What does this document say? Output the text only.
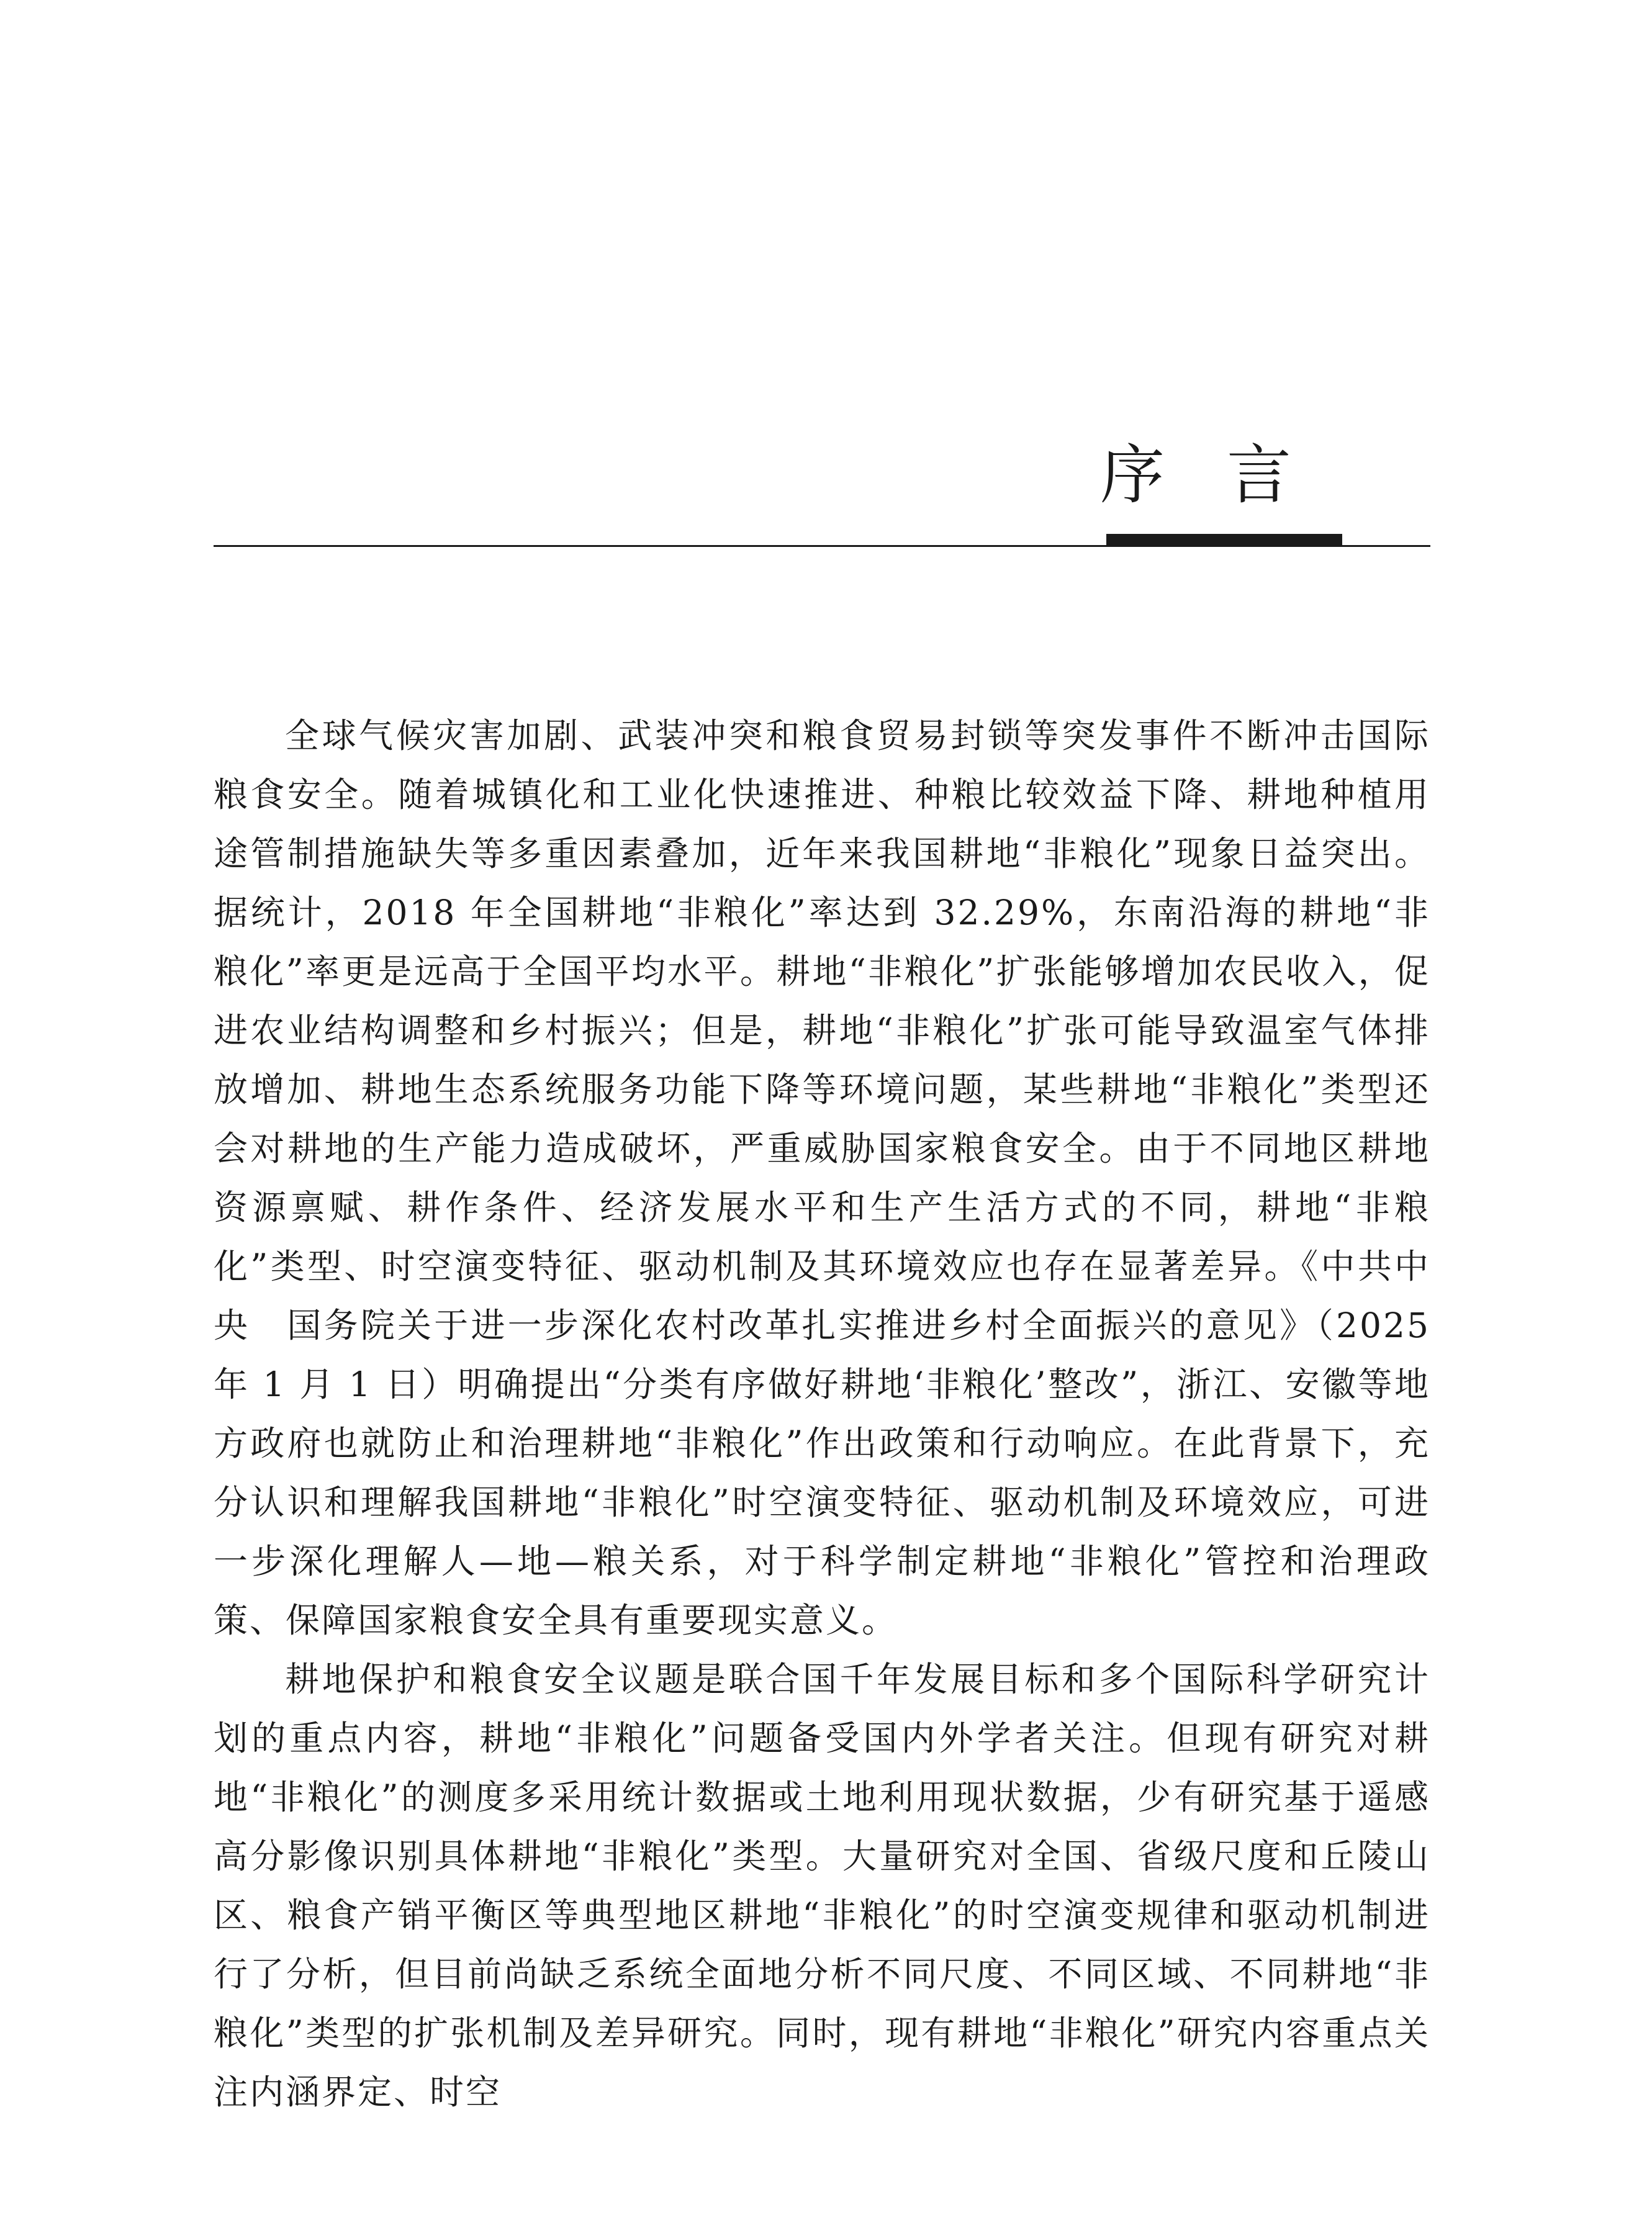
序言

全球气候灾害加剧、武装冲突和粮食贸易封锁等突发事件不断冲击国际粮食安全。随着城镇化和工业化快速推进、种粮比较效益下降、耕地种植用途管制措施缺失等多重因素叠加，近年来我国耕地“非粮化”现象日益突出。据统计，2018 年全国耕地“非粮化”率达到 32.29%，东南沿海的耕地“非粮化”率更是远高于全国平均水平。耕地“非粮化”扩张能够增加农民收入，促进农业结构调整和乡村振兴；但是，耕地“非粮化”扩张可能导致温室气体排放增加、耕地生态系统服务功能下降等环境问题，某些耕地“非粮化”类型还会对耕地的生产能力造成破坏，严重威胁国家粮食安全。由于不同地区耕地资源禀赋、耕作条件、经济发展水平和生产生活方式的不同，耕地“非粮化”类型、时空演变特征、驱动机制及其环境效应也存在显著差异。《中共中央　国务院关于进一步深化农村改革扎实推进乡村全面振兴的意见》（2025 年 1 月 1 日）明确提出“分类有序做好耕地‘非粮化’整改”，浙江、安徽等地方政府也就防止和治理耕地“非粮化”作出政策和行动响应。在此背景下，充分认识和理解我国耕地“非粮化”时空演变特征、驱动机制及环境效应，可进一步深化理解人—地—粮关系，对于科学制定耕地“非粮化”管控和治理政策、保障国家粮食安全具有重要现实意义。

耕地保护和粮食安全议题是联合国千年发展目标和多个国际科学研究计划的重点内容，耕地“非粮化”问题备受国内外学者关注。但现有研究对耕地“非粮化”的测度多采用统计数据或土地利用现状数据，少有研究基于遥感高分影像识别具体耕地“非粮化”类型。大量研究对全国、省级尺度和丘陵山区、粮食产销平衡区等典型地区耕地“非粮化”的时空演变规律和驱动机制进行了分析，但目前尚缺乏系统全面地分析不同尺度、不同区域、不同耕地“非粮化”类型的扩张机制及差异研究。同时，现有耕地“非粮化”研究内容重点关注内涵界定、时空
